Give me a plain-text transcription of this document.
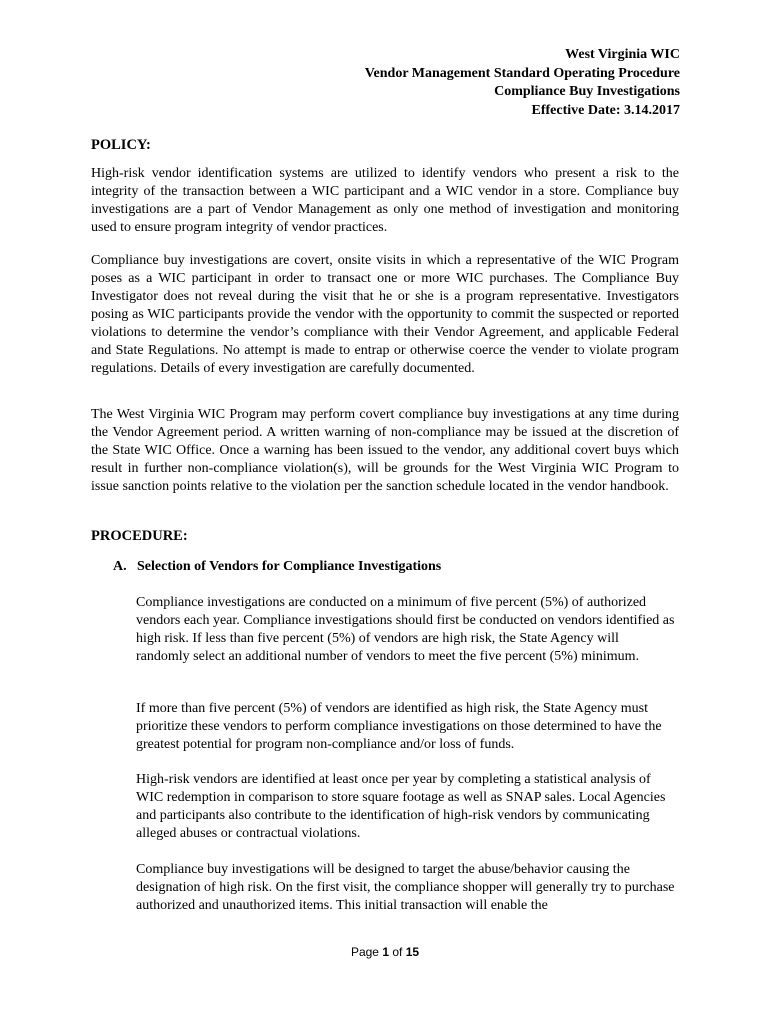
West Virginia WIC
Vendor Management Standard Operating Procedure
Compliance Buy Investigations
Effective Date: 3.14.2017
POLICY:
High-risk vendor identification systems are utilized to identify vendors who present a risk to the integrity of the transaction between a WIC participant and a WIC vendor in a store. Compliance buy investigations are a part of Vendor Management as only one method of investigation and monitoring used to ensure program integrity of vendor practices.
Compliance buy investigations are covert, onsite visits in which a representative of the WIC Program poses as a WIC participant in order to transact one or more WIC purchases. The Compliance Buy Investigator does not reveal during the visit that he or she is a program representative. Investigators posing as WIC participants provide the vendor with the opportunity to commit the suspected or reported violations to determine the vendor’s compliance with their Vendor Agreement, and applicable Federal and State Regulations. No attempt is made to entrap or otherwise coerce the vender to violate program regulations. Details of every investigation are carefully documented.
The West Virginia WIC Program may perform covert compliance buy investigations at any time during the Vendor Agreement period. A written warning of non-compliance may be issued at the discretion of the State WIC Office. Once a warning has been issued to the vendor, any additional covert buys which result in further non-compliance violation(s), will be grounds for the West Virginia WIC Program to issue sanction points relative to the violation per the sanction schedule located in the vendor handbook.
PROCEDURE:
A. Selection of Vendors for Compliance Investigations
Compliance investigations are conducted on a minimum of five percent (5%) of authorized vendors each year. Compliance investigations should first be conducted on vendors identified as high risk. If less than five percent (5%) of vendors are high risk, the State Agency will randomly select an additional number of vendors to meet the five percent (5%) minimum.
If more than five percent (5%) of vendors are identified as high risk, the State Agency must prioritize these vendors to perform compliance investigations on those determined to have the greatest potential for program non-compliance and/or loss of funds.
High-risk vendors are identified at least once per year by completing a statistical analysis of WIC redemption in comparison to store square footage as well as SNAP sales. Local Agencies and participants also contribute to the identification of high-risk vendors by communicating alleged abuses or contractual violations.
Compliance buy investigations will be designed to target the abuse/behavior causing the designation of high risk. On the first visit, the compliance shopper will generally try to purchase authorized and unauthorized items. This initial transaction will enable the
Page 1 of 15
